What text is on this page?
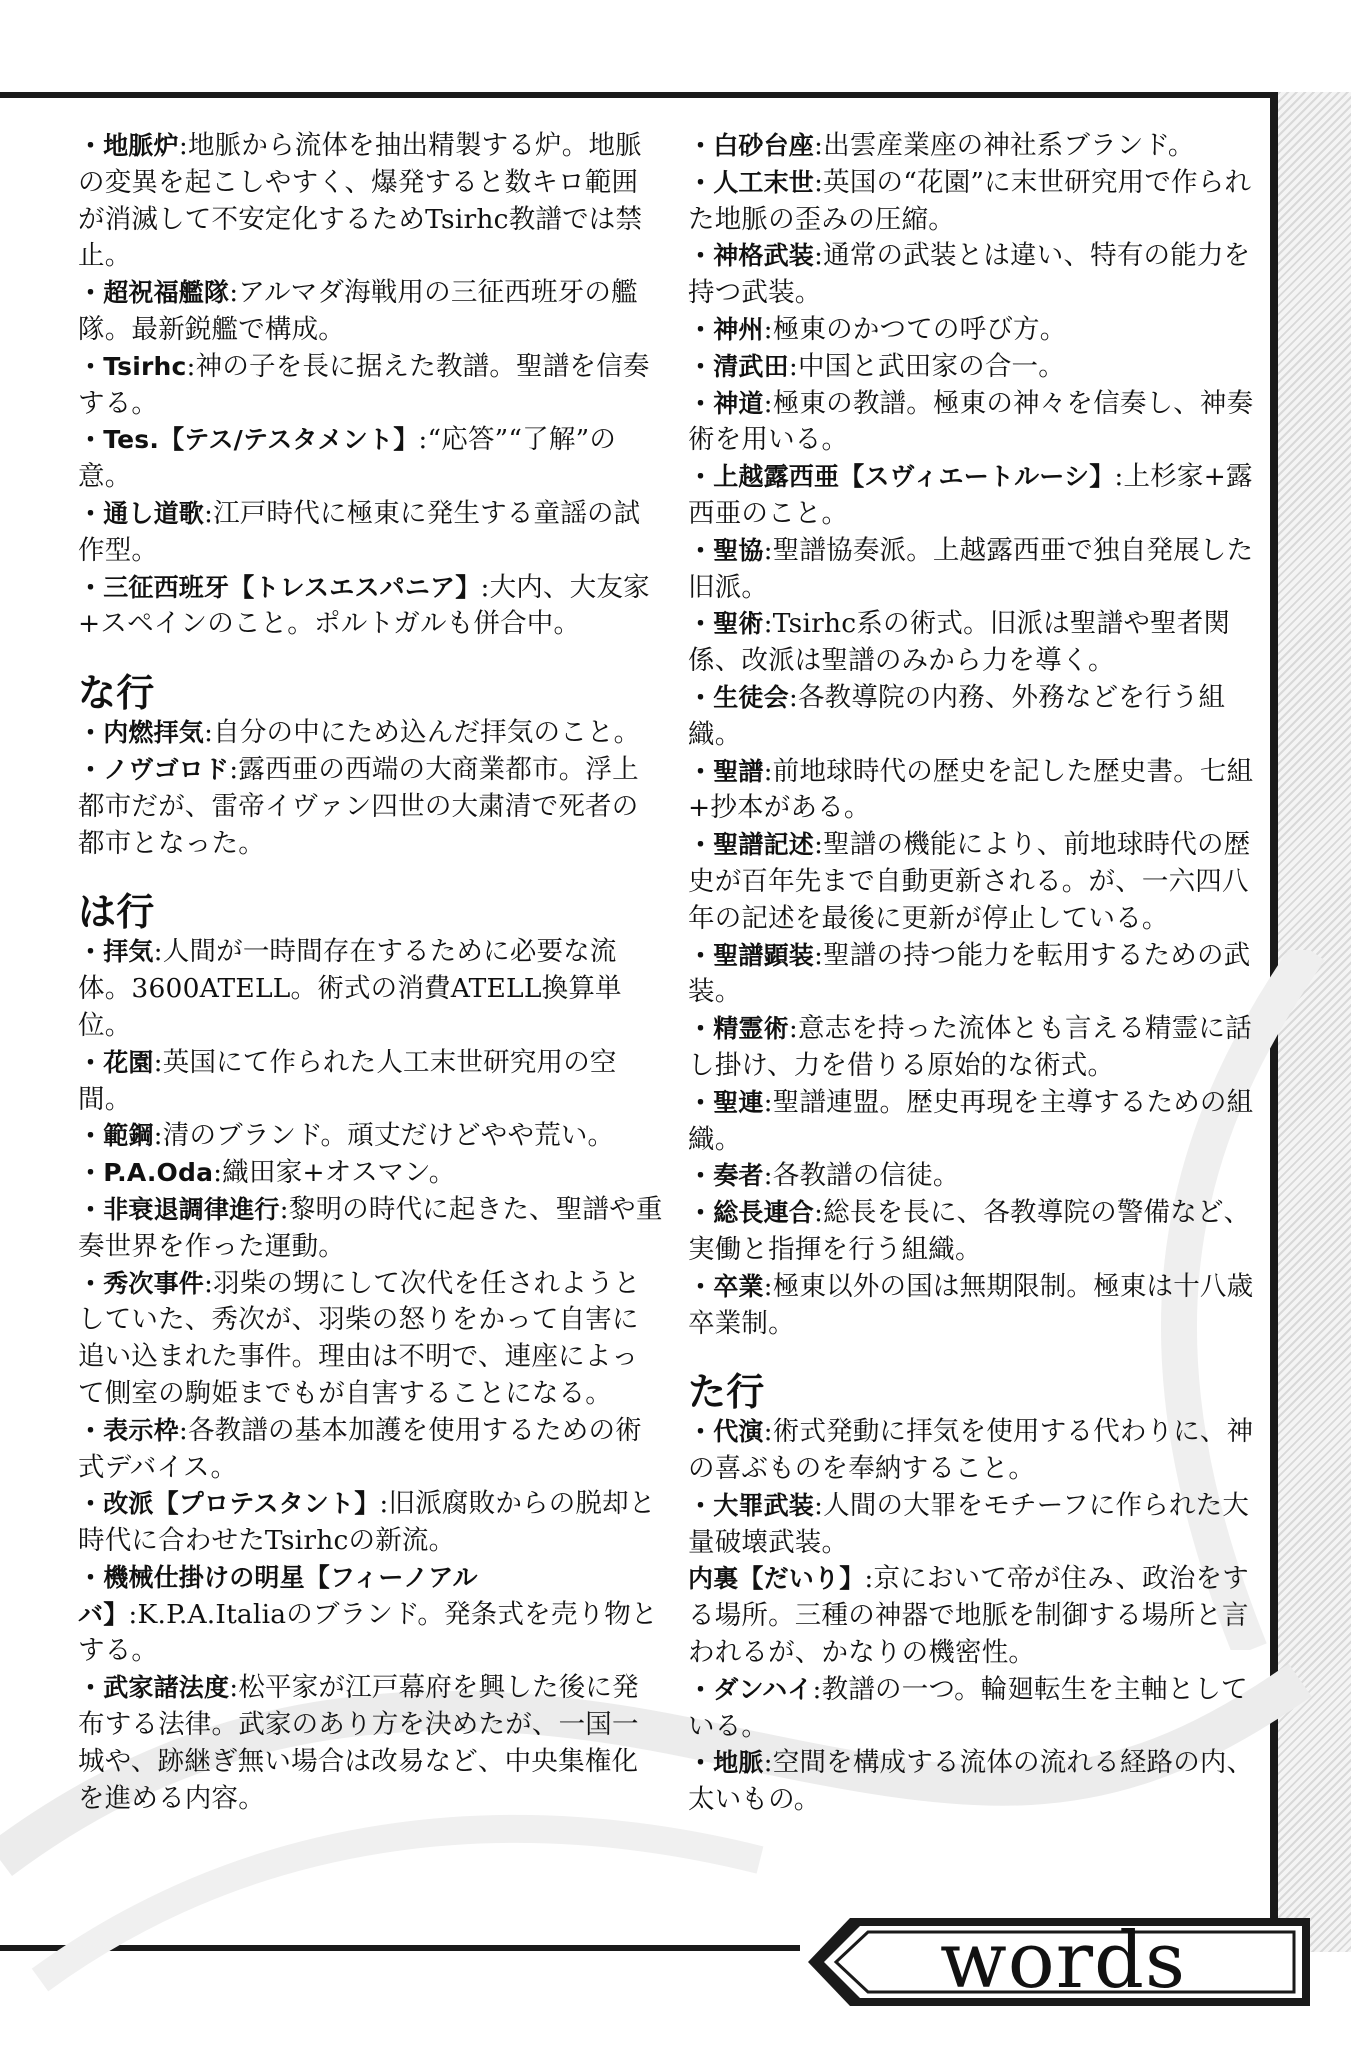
・地脈炉:地脈から流体を抽出精製する炉。地脈の変異を起こしやすく、爆発すると数キロ範囲が消滅して不安定化するためTsirhc教譜では禁止。

・超祝福艦隊:アルマダ海戦用の三征西班牙の艦隊。最新鋭艦で構成。

・Tsirhc:神の子を長に据えた教譜。聖譜を信奏する。

・Tes.【テス/テスタメント】:“応答”“了解”の意。

・通し道歌:江戸時代に極東に発生する童謡の試作型。

・三征西班牙【トレスエスパニア】:大内、大友家+スペインのこと。ポルトガルも併合中。

な行

・内燃拝気:自分の中にため込んだ拝気のこと。

・ノヴゴロド:露西亜の西端の大商業都市。浮上都市だが、雷帝イヴァン四世の大粛清で死者の都市となった。

は行

・拝気:人間が一時間存在するために必要な流体。3600ATELL。術式の消費ATELL換算単位。

・花園:英国にて作られた人工末世研究用の空間。

・範鋼:清のブランド。頑丈だけどやや荒い。

・P.A.Oda:織田家+オスマン。

・非衰退調律進行:黎明の時代に起きた、聖譜や重奏世界を作った運動。

・秀次事件:羽柴の甥にして次代を任されようとしていた、秀次が、羽柴の怒りをかって自害に追い込まれた事件。理由は不明で、連座によって側室の駒姫までもが自害することになる。

・表示枠:各教譜の基本加護を使用するための術式デバイス。

・改派【プロテスタント】:旧派腐敗からの脱却と時代に合わせたTsirhcの新流。

・機械仕掛けの明星【フィーノアルバ】:K.P.A.Italiaのブランド。発条式を売り物とする。

・武家諸法度:松平家が江戸幕府を興した後に発布する法律。武家のあり方を決めたが、一国一城や、跡継ぎ無い場合は改易など、中央集権化を進める内容。

・白砂台座:出雲産業座の神社系ブランド。

・人工末世:英国の“花園”に末世研究用で作られた地脈の歪みの圧縮。

・神格武装:通常の武装とは違い、特有の能力を持つ武装。

・神州:極東のかつての呼び方。

・清武田:中国と武田家の合一。

・神道:極東の教譜。極東の神々を信奏し、神奏術を用いる。

・上越露西亜【スヴィエートルーシ】:上杉家+露西亜のこと。

・聖協:聖譜協奏派。上越露西亜で独自発展した旧派。

・聖術:Tsirhc系の術式。旧派は聖譜や聖者関係、改派は聖譜のみから力を導く。

・生徒会:各教導院の内務、外務などを行う組織。

・聖譜:前地球時代の歴史を記した歴史書。七組+抄本がある。

・聖譜記述:聖譜の機能により、前地球時代の歴史が百年先まで自動更新される。が、一六四八年の記述を最後に更新が停止している。

・聖譜顕装:聖譜の持つ能力を転用するための武装。

・精霊術:意志を持った流体とも言える精霊に話し掛け、力を借りる原始的な術式。

・聖連:聖譜連盟。歴史再現を主導するための組織。

・奏者:各教譜の信徒。

・総長連合:総長を長に、各教導院の警備など、実働と指揮を行う組織。

・卒業:極東以外の国は無期限制。極東は十八歳卒業制。

た行

・代演:術式発動に拝気を使用する代わりに、神の喜ぶものを奉納すること。

・大罪武装:人間の大罪をモチーフに作られた大量破壊武装。

内裏【だいり】:京において帝が住み、政治をする場所。三種の神器で地脈を制御する場所と言われるが、かなりの機密性。

・ダンハイ:教譜の一つ。輪廻転生を主軸としている。

・地脈:空間を構成する流体の流れる経路の内、太いもの。

words
